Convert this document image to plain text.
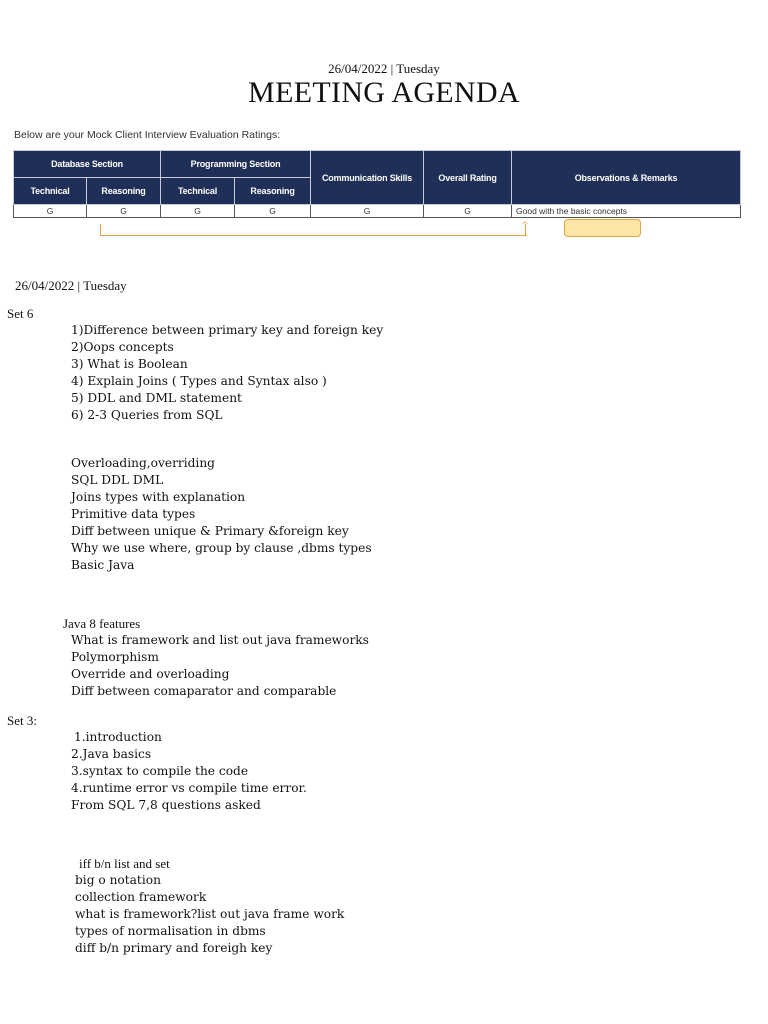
26/04/2022 | Tuesday
MEETING AGENDA
Below are your Mock Client Interview Evaluation Ratings:
Database Section		Programming Section		Communication Skills	Overall Rating	Observations & Remarks
Technical	Reasoning	Technical	Reasoning			
G	G	G	G	G	G	Good with the basic concepts
^
26/04/2022 | Tuesday
Set 6
1)Difference between primary key and foreign key
2)Oops concepts
3) What is Boolean
4) Explain Joins ( Types and Syntax also )
5) DDL and DML statement
6) 2-3 Queries from SQL
Overloading,overriding
SQL DDL DML
Joins types with explanation
Primitive data types
Diff between unique & Primary &foreign key
Why we use where, group by clause ,dbms types
Basic Java
Java 8 features
What is framework and list out java frameworks
Polymorphism
Override and overloading
Diff between comaparator and comparable
Set 3:
1.introduction
2.Java basics
3.syntax to compile the code
4.runtime error vs compile time error.
From SQL 7,8 questions asked
iff b/n list and set
big o notation
collection framework
what is framework?list out java frame work
types of normalisation in dbms
diff b/n primary and foreigh key
